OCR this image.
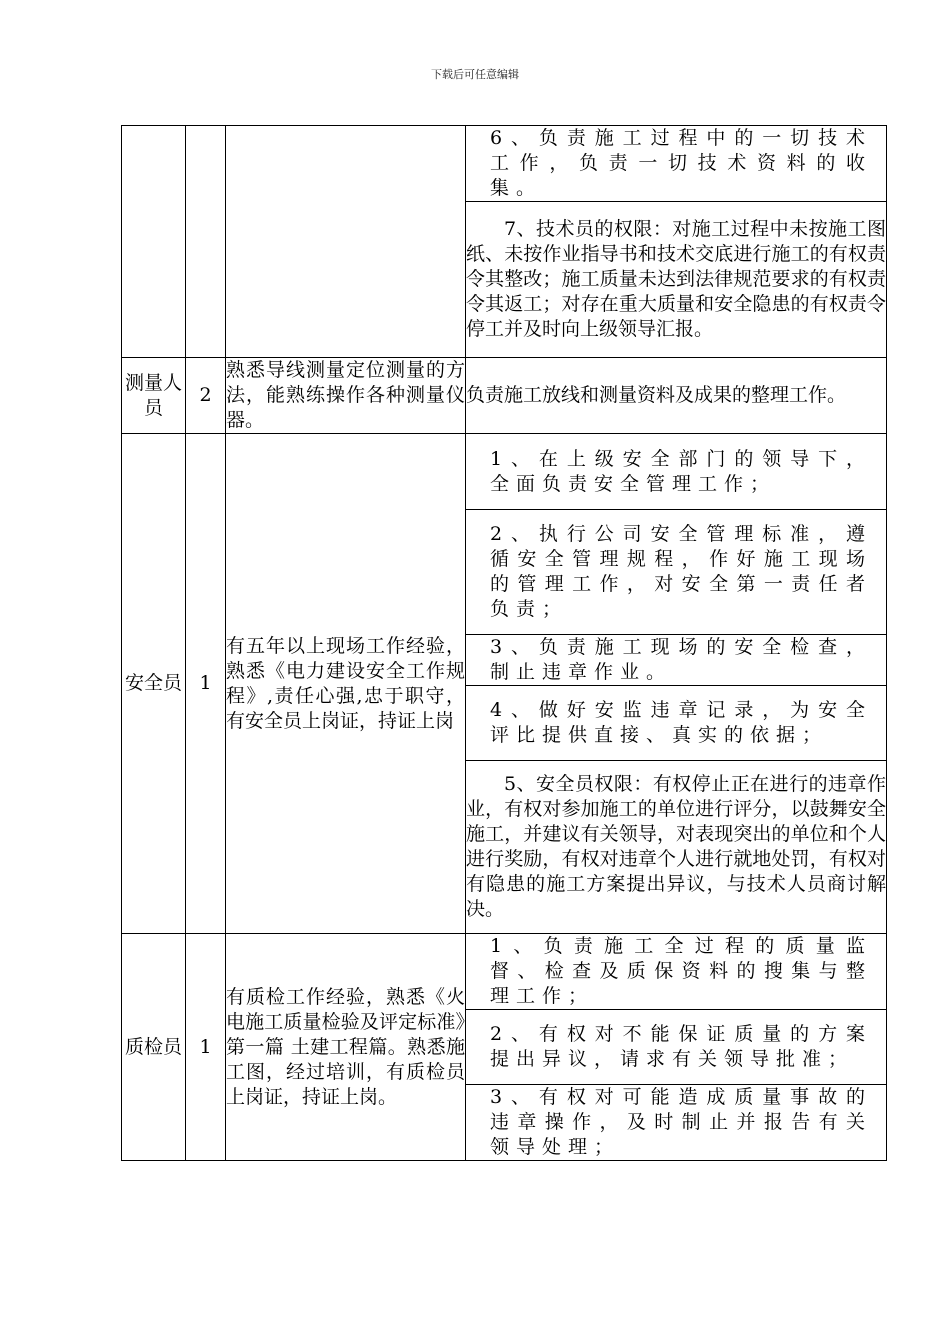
下载后可任意编辑
			6、负责施工过程中的一切技术工作，负责一切技术资料的收集。
			7、技术员的权限：对施工过程中未按施工图纸、未按作业指导书和技术交底进行施工的有权责令其整改；施工质量未达到法律规范要求的有权责令其返工；对存在重大质量和安全隐患的有权责令停工并及时向上级领导汇报。
测量人员	2	熟悉导线测量定位测量的方法，能熟练操作各种测量仪器。	负责施工放线和测量资料及成果的整理工作。
安全员	1	有五年以上现场工作经验，熟悉《电力建设安全工作规程》,责任心强,忠于职守，有安全员上岗证，持证上岗	1、在上级安全部门的领导下，全面负责安全管理工作；
			2、执行公司安全管理标准，遵循安全管理规程，作好施工现场的管理工作，对安全第一责任者负责；
			3、负责施工现场的安全检查，制止违章作业。
			4、做好安监违章记录，为安全评比提供直接、真实的依据；
			5、安全员权限：有权停止正在进行的违章作业，有权对参加施工的单位进行评分，以鼓舞安全施工，并建议有关领导，对表现突出的单位和个人进行奖励，有权对违章个人进行就地处罚，有权对有隐患的施工方案提出异议，与技术人员商讨解决。
质检员	1	有质检工作经验，熟悉《火电施工质量检验及评定标准》第一篇 土建工程篇。熟悉施工图，经过培训，有质检员上岗证，持证上岗。	1、负责施工全过程的质量监督、检查及质保资料的搜集与整理工作；
			2、有权对不能保证质量的方案提出异议，请求有关领导批准；
			3、有权对可能造成质量事故的违章操作，及时制止并报告有关领导处理；
